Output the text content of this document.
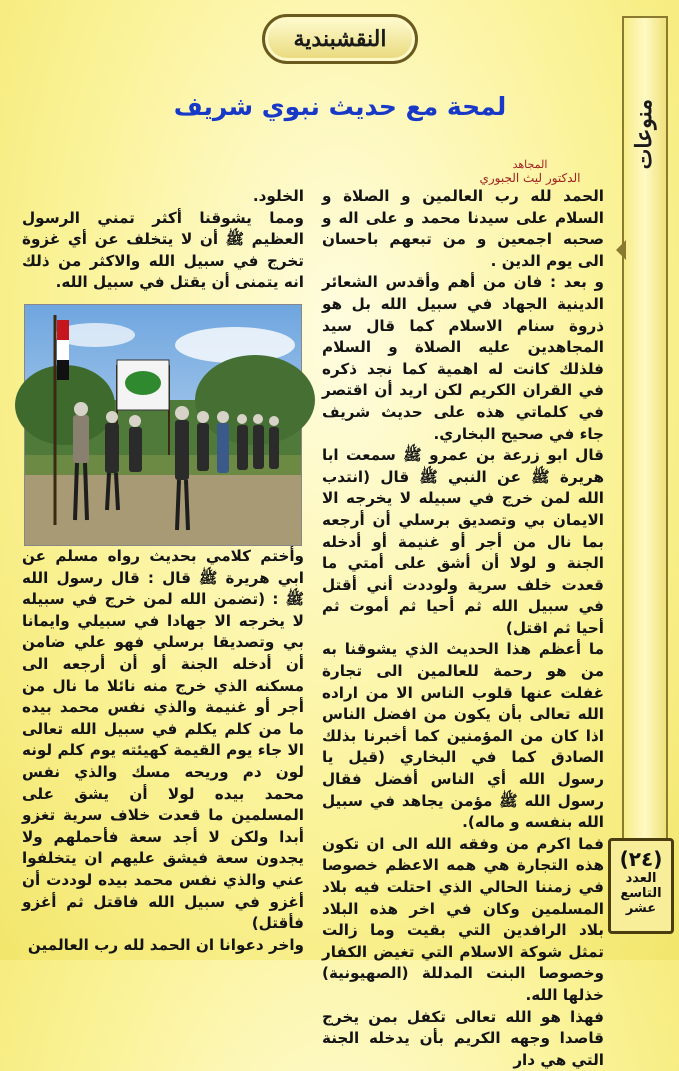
النقشبندية
لمحة مع حديث نبوي شريف	منوعات
(٢٤)
العدد
التاسع
عشر
المجاهد
الدكتور ليث الجبوري

الحمد لله رب العالمين و الصلاة و السلام على سيدنا محمد و على اله و صحبه اجمعين و من تبعهم باحسان الى يوم الدين .

و بعد : فان من أهم وأقدس الشعائر الدينية الجهاد في سبيل الله بل هو ذروة سنام الاسلام كما قال سيد المجاهدين عليه الصلاة و السلام فلذلك كانت له اهمية كما نجد ذكره في القران الكريم لكن اريد أن اقتصر في كلماتي هذه على حديث شريف جاء في صحيح البخاري.

قال ابو زرعة بن عمرو ﷺ سمعت ابا هريرة ﷺ عن النبي ﷺ قال (انتدب الله لمن خرج في سبيله لا يخرجه الا الايمان بي وتصديق برسلي أن أرجعه بما نال من أجر أو غنيمة أو أدخله الجنة و لولا أن أشق على أمتي ما قعدت خلف سرية ولوددت أني أقتل في سبيل الله ثم أحيا ثم أموت ثم أحيا ثم اقتل)

ما أعظم هذا الحديث الذي يشوقنا به من هو رحمة للعالمين الى تجارة غفلت عنها قلوب الناس الا من اراده الله تعالى بأن يكون من افضل الناس اذا كان من المؤمنين كما أخبرنا بذلك الصادق كما في البخاري (قيل يا رسول الله أي الناس أفضل فقال رسول الله ﷺ مؤمن يجاهد في سبيل الله بنفسه و ماله).

فما اكرم من وفقه الله الى ان تكون هذه التجارة هي همه الاعظم خصوصا في زمننا الحالي الذي احتلت فيه بلاد المسلمين وكان في اخر هذه البلاد بلاد الرافدين التي بقيت وما زالت تمثل شوكة الاسلام التي تغيض الكفار وخصوصا البنت المدللة (الصهيونية) خذلها الله.

فهذا هو الله تعالى تكفل بمن يخرج قاصدا وجهه الكريم بأن يدخله الجنة التي هي دار

الخلود.

ومما يشوقنا أكثر تمني الرسول العظيم ﷺ أن لا يتخلف عن أي غزوة تخرج في سبيل الله والاكثر من ذلك انه يتمنى أن يقتل في سبيل الله.

وأختم كلامي بحديث رواه مسلم عن ابي هريرة ﷺ قال : قال رسول الله ﷺ : (تضمن الله لمن خرج في سبيله لا يخرجه الا جهادا في سبيلي وايمانا بي وتصديقا برسلي فهو علي ضامن أن أدخله الجنة أو أن أرجعه الى مسكنه الذي خرج منه نائلا ما نال من أجر أو غنيمة والذي نفس محمد بيده ما من كلم يكلم في سبيل الله تعالى الا جاء يوم القيمة كهيئته يوم كلم لونه لون دم وريحه مسك والذي نفس محمد بيده لولا أن يشق على المسلمين ما قعدت خلاف سرية تغزو أبدا ولكن لا أجد سعة فأحملهم ولا يجدون سعة فيشق عليهم ان يتخلفوا عني والذي نفس محمد بيده لوددت أن أغزو في سبيل الله فاقتل ثم أغزو فأقتل)

واخر دعوانا ان الحمد لله رب العالمين
